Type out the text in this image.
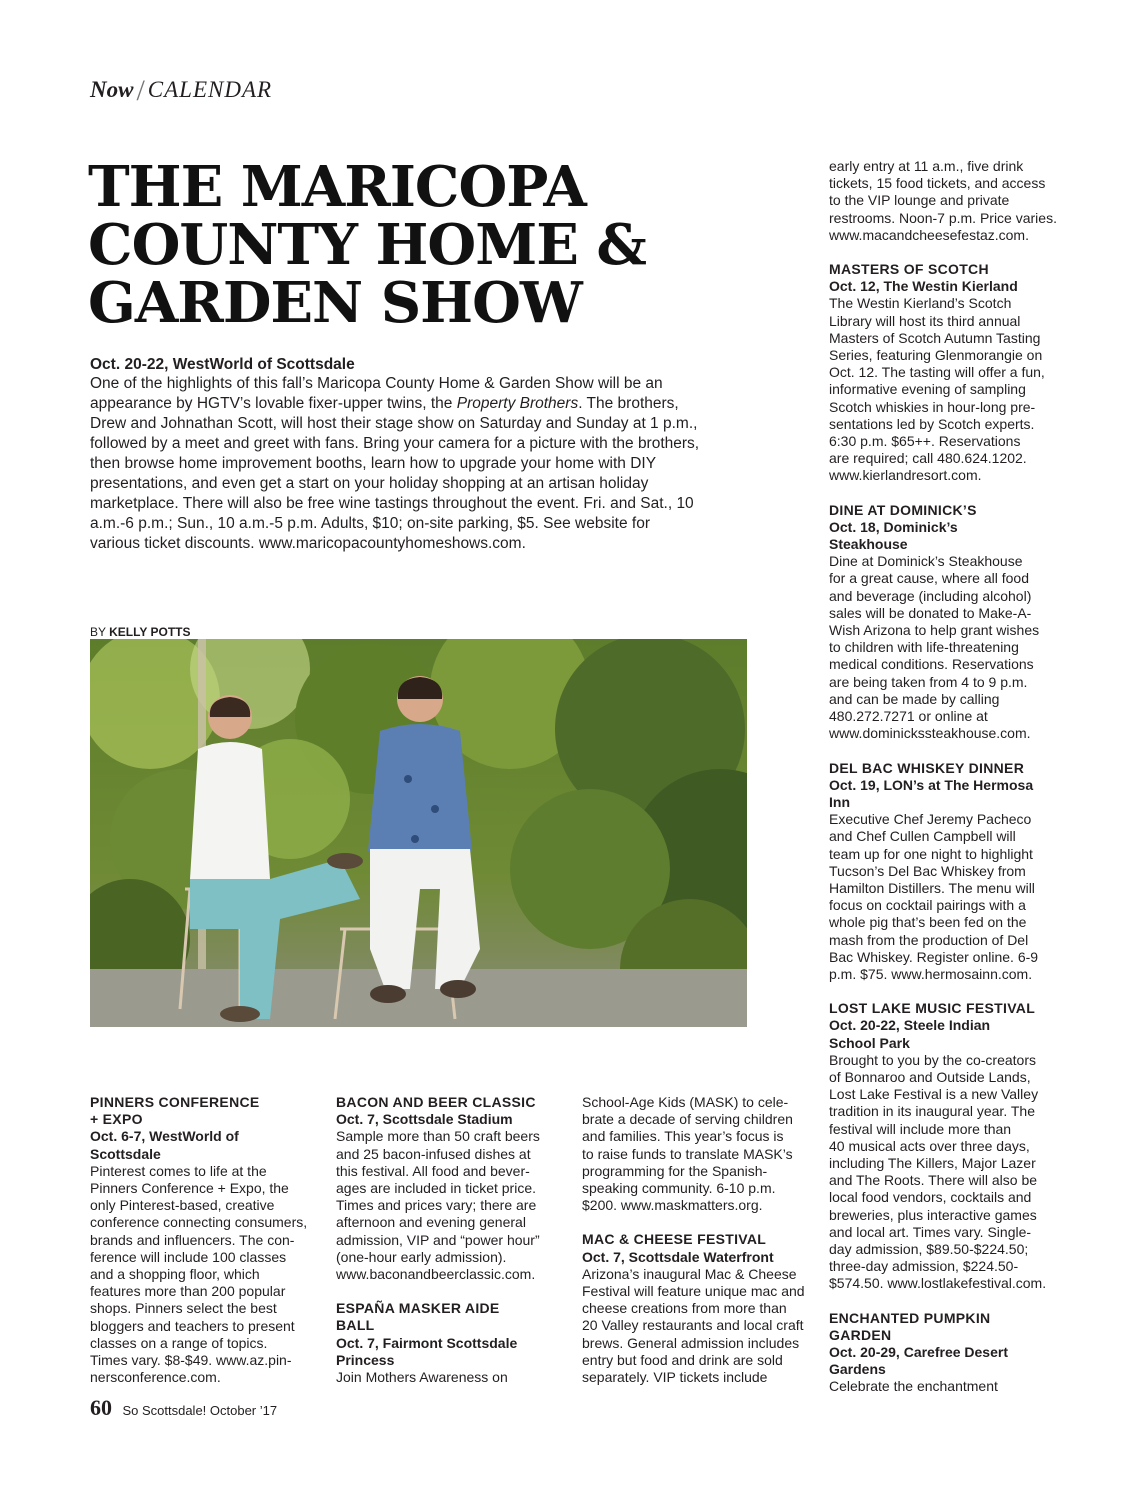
Now / CALENDAR
THE MARICOPA
COUNTY HOME &
GARDEN SHOW
Oct. 20-22, WestWorld of Scottsdale
One of the highlights of this fall’s Maricopa County Home & Garden Show will be an
appearance by HGTV’s lovable fixer-upper twins, the Property Brothers. The brothers,
Drew and Johnathan Scott, will host their stage show on Saturday and Sunday at 1 p.m.,
followed by a meet and greet with fans. Bring your camera for a picture with the brothers,
then browse home improvement booths, learn how to upgrade your home with DIY
presentations, and even get a start on your holiday shopping at an artisan holiday
marketplace. There will also be free wine tastings throughout the event. Fri. and Sat., 10
a.m.-6 p.m.; Sun., 10 a.m.-5 p.m. Adults, $10; on-site parking, $5. See website for
various ticket discounts. www.maricopacountyhomeshows.com.
BY KELLY POTTS
PINNERS CONFERENCE
+ EXPO
Oct. 6-7, WestWorld of
Scottsdale
Pinterest comes to life at the
Pinners Conference + Expo, the
only Pinterest-based, creative
conference connecting consumers,
brands and influencers. The con-
ference will include 100 classes
and a shopping floor, which
features more than 200 popular
shops. Pinners select the best
bloggers and teachers to present
classes on a range of topics.
Times vary. $8-$49. www.az.pin-
nersconference.com.
BACON AND BEER CLASSIC
Oct. 7, Scottsdale Stadium
Sample more than 50 craft beers
and 25 bacon-infused dishes at
this festival. All food and bever-
ages are included in ticket price.
Times and prices vary; there are
afternoon and evening general
admission, VIP and “power hour”
(one-hour early admission).
www.baconandbeerclassic.com.
ESPAÑA MASKER AIDE
BALL
Oct. 7, Fairmont Scottsdale
Princess
Join Mothers Awareness on
School-Age Kids (MASK) to cele-
brate a decade of serving children
and families. This year’s focus is
to raise funds to translate MASK’s
programming for the Spanish-
speaking community. 6-10 p.m.
$200. www.maskmatters.org.
MAC & CHEESE FESTIVAL
Oct. 7, Scottsdale Waterfront
Arizona’s inaugural Mac & Cheese
Festival will feature unique mac and
cheese creations from more than
20 Valley restaurants and local craft
brews. General admission includes
entry but food and drink are sold
separately. VIP tickets include
early entry at 11 a.m., five drink
tickets, 15 food tickets, and access
to the VIP lounge and private
restrooms. Noon-7 p.m. Price varies.
www.macandcheesefestaz.com.
MASTERS OF SCOTCH
Oct. 12, The Westin Kierland
The Westin Kierland’s Scotch
Library will host its third annual
Masters of Scotch Autumn Tasting
Series, featuring Glenmorangie on
Oct. 12. The tasting will offer a fun,
informative evening of sampling
Scotch whiskies in hour-long pre-
sentations led by Scotch experts.
6:30 p.m. $65++. Reservations
are required; call 480.624.1202.
www.kierlandresort.com.
DINE AT DOMINICK’S
Oct. 18, Dominick’s
Steakhouse
Dine at Dominick’s Steakhouse
for a great cause, where all food
and beverage (including alcohol)
sales will be donated to Make-A-
Wish Arizona to help grant wishes
to children with life-threatening
medical conditions. Reservations
are being taken from 4 to 9 p.m.
and can be made by calling
480.272.7271 or online at
www.dominickssteakhouse.com.
DEL BAC WHISKEY DINNER
Oct. 19, LON’s at The Hermosa
Inn
Executive Chef Jeremy Pacheco
and Chef Cullen Campbell will
team up for one night to highlight
Tucson’s Del Bac Whiskey from
Hamilton Distillers. The menu will
focus on cocktail pairings with a
whole pig that’s been fed on the
mash from the production of Del
Bac Whiskey. Register online. 6-9
p.m. $75. www.hermosainn.com.
LOST LAKE MUSIC FESTIVAL
Oct. 20-22, Steele Indian
School Park
Brought to you by the co-creators
of Bonnaroo and Outside Lands,
Lost Lake Festival is a new Valley
tradition in its inaugural year. The
festival will include more than
40 musical acts over three days,
including The Killers, Major Lazer
and The Roots. There will also be
local food vendors, cocktails and
breweries, plus interactive games
and local art. Times vary. Single-
day admission, $89.50-$224.50;
three-day admission, $224.50-
$574.50. www.lostlakefestival.com.
ENCHANTED PUMPKIN
GARDEN
Oct. 20-29, Carefree Desert
Gardens
Celebrate the enchantment
60 So Scottsdale! October ’17
